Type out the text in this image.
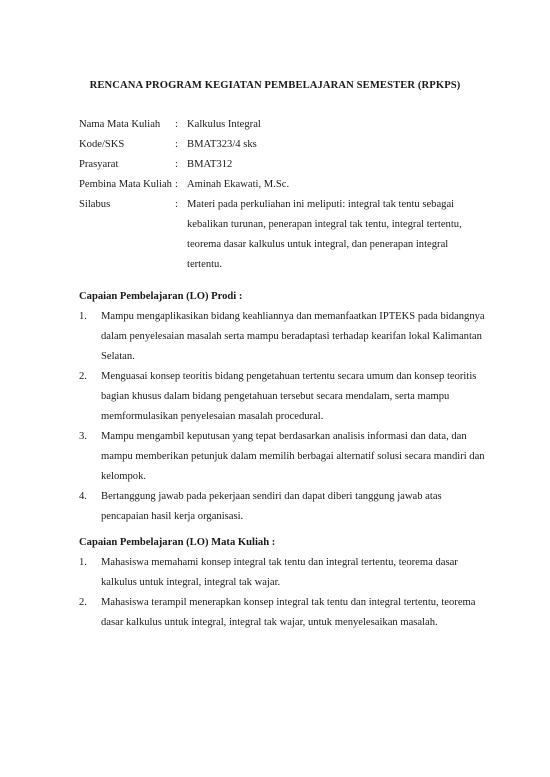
RENCANA PROGRAM KEGIATAN PEMBELAJARAN SEMESTER (RPKPS)
Nama Mata Kuliah	: Kalkulus Integral
Kode/SKS	: BMAT323/4 sks
Prasyarat	: BMAT312
Pembina Mata Kuliah : Aminah Ekawati, M.Sc.
Silabus	: Materi pada perkuliahan ini meliputi: integral tak tentu sebagai kebalikan turunan, penerapan integral tak tentu, integral tertentu, teorema dasar kalkulus untuk integral, dan penerapan integral tertentu.
Capaian Pembelajaran (LO) Prodi :
1.	Mampu mengaplikasikan bidang keahliannya dan memanfaatkan IPTEKS pada bidangnya dalam penyelesaian masalah serta mampu beradaptasi terhadap kearifan lokal Kalimantan Selatan.
2.	Menguasai konsep teoritis bidang pengetahuan tertentu secara umum dan konsep teoritis bagian khusus dalam bidang pengetahuan tersebut secara mendalam, serta mampu memformulasikan penyelesaian masalah procedural.
3.	Mampu mengambil keputusan yang tepat berdasarkan analisis informasi dan data, dan mampu memberikan petunjuk dalam memilih berbagai alternatif solusi secara mandiri dan kelompok.
4.	Bertanggung jawab pada pekerjaan sendiri dan dapat diberi tanggung jawab atas pencapaian hasil kerja organisasi.
Capaian Pembelajaran (LO) Mata Kuliah :
1.	Mahasiswa memahami konsep integral tak tentu dan integral tertentu, teorema dasar kalkulus untuk integral, integral tak wajar.
2.	Mahasiswa terampil menerapkan konsep integral tak tentu dan integral tertentu, teorema dasar kalkulus untuk integral, integral tak wajar, untuk menyelesaikan masalah.
